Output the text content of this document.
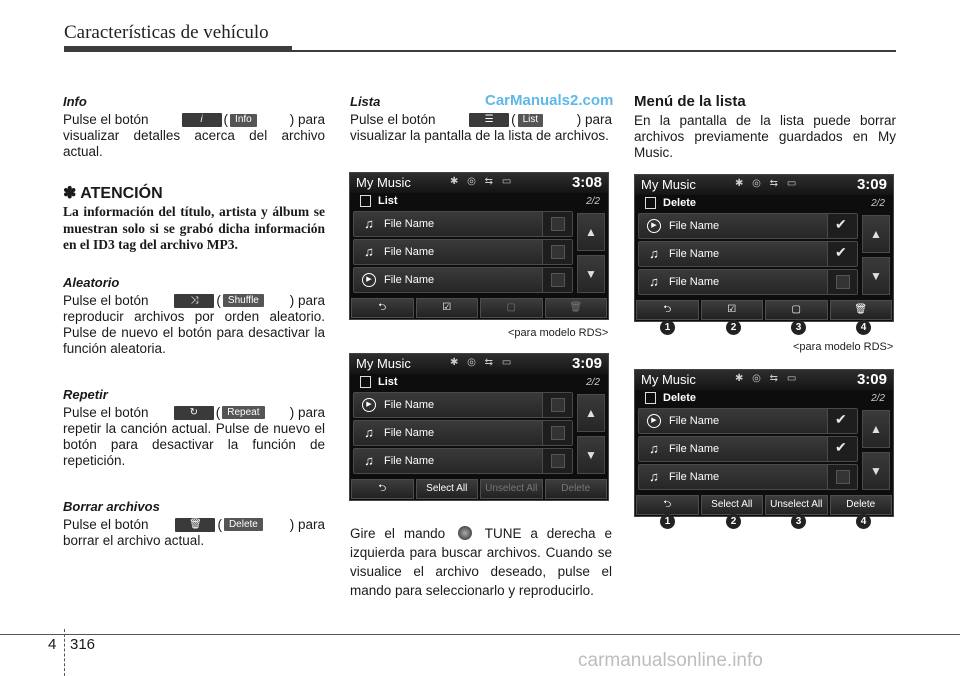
Características de vehículo
CarManuals2.com
Info
Pulse el botón	𝑖	( Info	) para
visualizar detalles acerca del archivo actual.
✽ ATENCIÓN
La información del título, artista y álbum se muestran solo si se grabó dicha información en el ID3 tag del archivo MP3.
Aleatorio
Pulse el botón	⤨	( Shuffle	) para
reproducir archivos por orden aleatorio. Pulse de nuevo el botón para desactivar la función aleatoria.
Repetir
Pulse el botón	↻	( Repeat	) para
repetir la canción actual. Pulse de nuevo el botón para desactivar la función de repetición.
Borrar archivos
Pulse el botón	🗑	( Delete	) para
borrar el archivo actual.
Lista
Pulse el botón	☰	( List	) para
visualizar la pantalla de la lista de archivos.
My Music	✱ ◎ ⇆ ▭	3:08
List	2/2
♫ File Name
♫ File Name
▶	File Name
▲
▼
⮌	☑	▢	🗑
<para modelo RDS>
My Music	✱ ◎ ⇆ ▭	3:09
List	2/2
▶	File Name
♫ File Name
♫ File Name
▲
▼
⮌	Select All	Unselect All	Delete
Gire el mando	TUNE a derecha e izquierda para buscar archivos. Cuando se visualice el archivo deseado, pulse el mando para seleccionarlo y reproducirlo.
Menú de la lista
En la pantalla de la lista puede borrar archivos previamente guardados en My Music.
My Music	✱ ◎ ⇆ ▭	3:09
Delete	2/2
▶	File Name	✔
♫ File Name	✔
♫ File Name
▲
▼
⮌	☑	▢	🗑
1	2	3	4
<para modelo RDS>
My Music	✱ ◎ ⇆ ▭	3:09
Delete	2/2
▶	File Name	✔
♫ File Name	✔
♫ File Name
▲
▼
⮌	Select All	Unselect All	Delete
1	2	3	4
4 316
carmanualsonline.info
